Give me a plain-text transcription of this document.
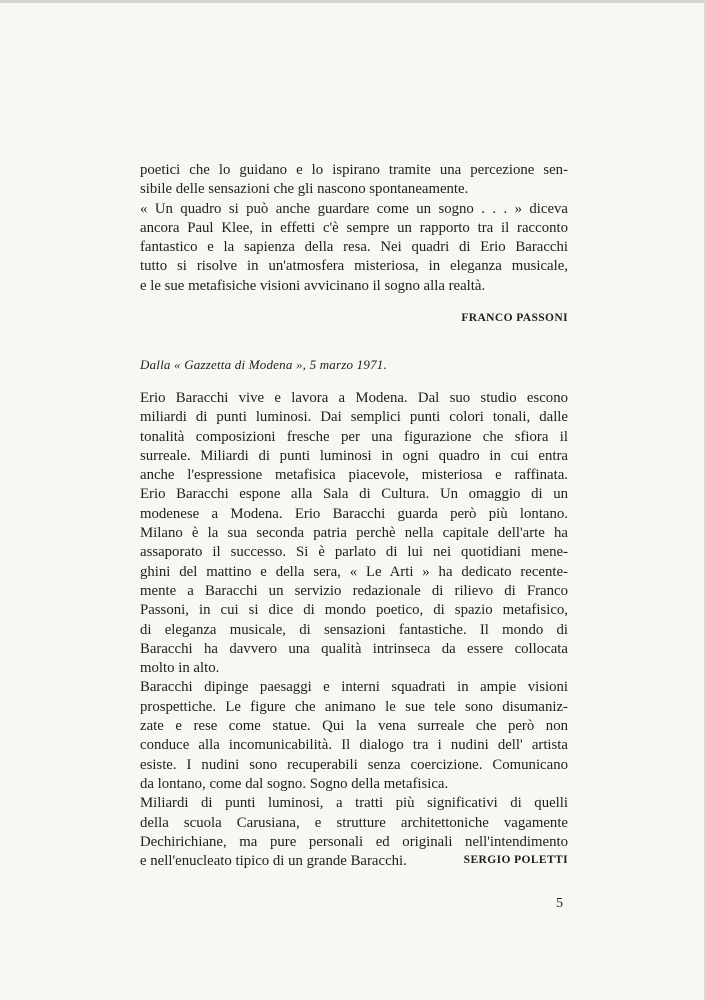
poetici che lo guidano e lo ispirano tramite una percezione sen-
sibile delle sensazioni che gli nascono spontaneamente.
« Un quadro si può anche guardare come un sogno . . . » diceva
ancora Paul Klee, in effetti c'è sempre un rapporto tra il racconto
fantastico e la sapienza della resa. Nei quadri di Erio Baracchi
tutto si risolve in un'atmosfera misteriosa, in eleganza musicale,
e le sue metafisiche visioni avvicinano il sogno alla realtà.
FRANCO PASSONI
Dalla « Gazzetta di Modena », 5 marzo 1971.
Erio Baracchi vive e lavora a Modena. Dal suo studio escono
miliardi di punti luminosi. Dai semplici punti colori tonali, dalle
tonalità composizioni fresche per una figurazione che sfiora il
surreale. Miliardi di punti luminosi in ogni quadro in cui entra
anche l'espressione metafisica piacevole, misteriosa e raffinata.
Erio Baracchi espone alla Sala di Cultura. Un omaggio di un
modenese a Modena. Erio Baracchi guarda però più lontano.
Milano è la sua seconda patria perchè nella capitale dell'arte ha
assaporato il successo. Si è parlato di lui nei quotidiani mene-
ghini del mattino e della sera, « Le Arti » ha dedicato recente-
mente a Baracchi un servizio redazionale di rilievo di Franco
Passoni, in cui si dice di mondo poetico, di spazio metafisico,
di eleganza musicale, di sensazioni fantastiche. Il mondo di
Baracchi ha davvero una qualità intrinseca da essere collocata
molto in alto.
Baracchi dipinge paesaggi e interni squadrati in ampie visioni
prospettiche. Le figure che animano le sue tele sono disumaniz-
zate e rese come statue. Qui la vena surreale che però non
conduce alla incomunicabilità. Il dialogo tra i nudini dell' artista
esiste. I nudini sono recuperabili senza coercizione. Comunicano
da lontano, come dal sogno. Sogno della metafisica.
Miliardi di punti luminosi, a tratti più significativi di quelli
della scuola Carusiana, e strutture architettoniche vagamente
Dechirichiane, ma pure personali ed originali nell'intendimento
e nell'enucleato tipico di un grande Baracchi.	SERGIO POLETTI
5
